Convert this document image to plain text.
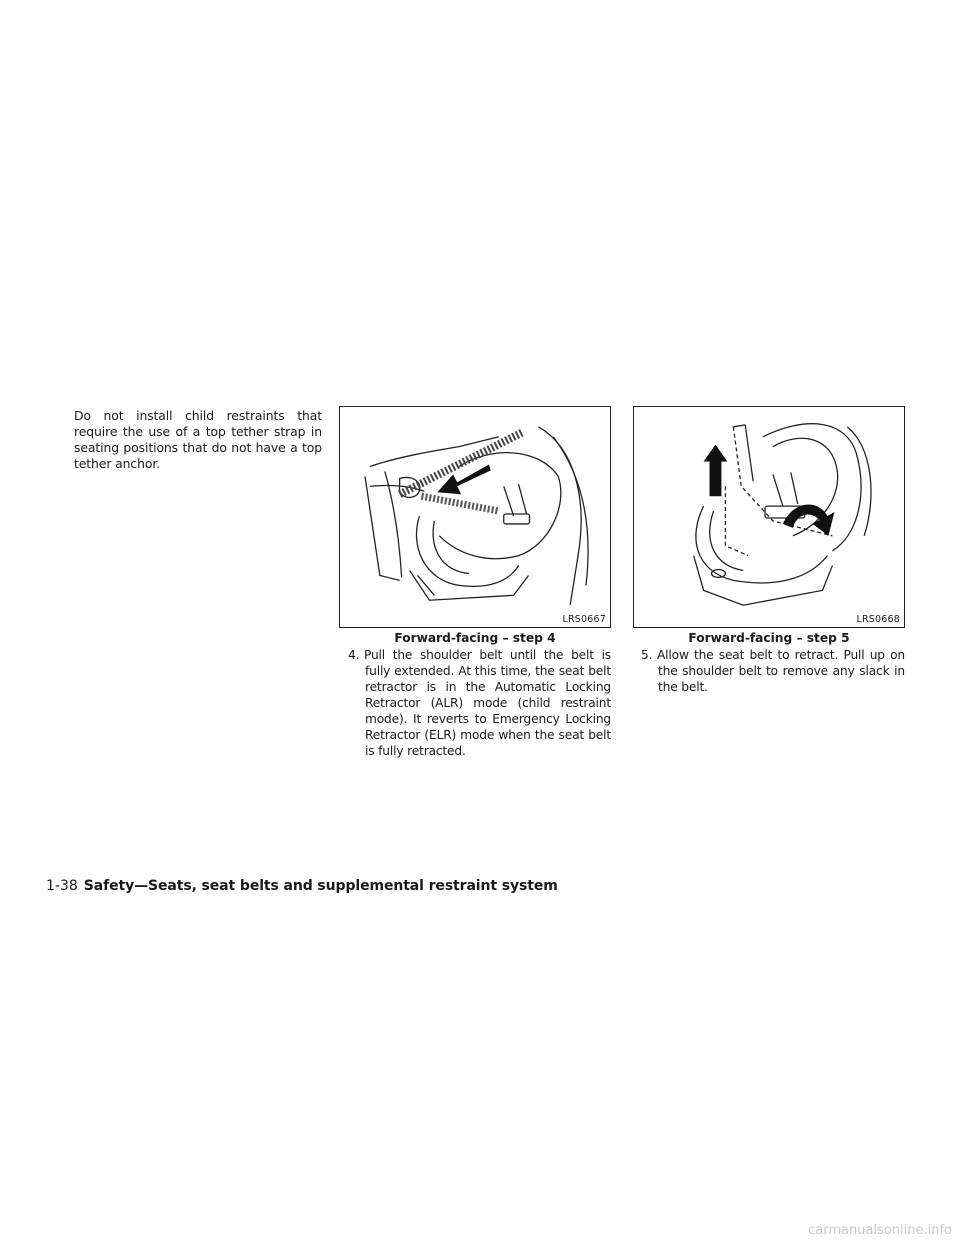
Do not install child restraints that require the use of a top tether strap in seating positions that do not have a top tether anchor.
LRS0667
Forward-facing – step 4
4. Pull the shoulder belt until the belt is fully extended. At this time, the seat belt retractor is in the Automatic Locking Retractor (ALR) mode (child restraint mode). It reverts to Emergency Locking Retractor (ELR) mode when the seat belt is fully retracted.
LRS0668
Forward-facing – step 5
5. Allow the seat belt to retract. Pull up on the shoulder belt to remove any slack in the belt.
1-38 Safety—Seats, seat belts and supplemental restraint system
carmanualsonline.info
